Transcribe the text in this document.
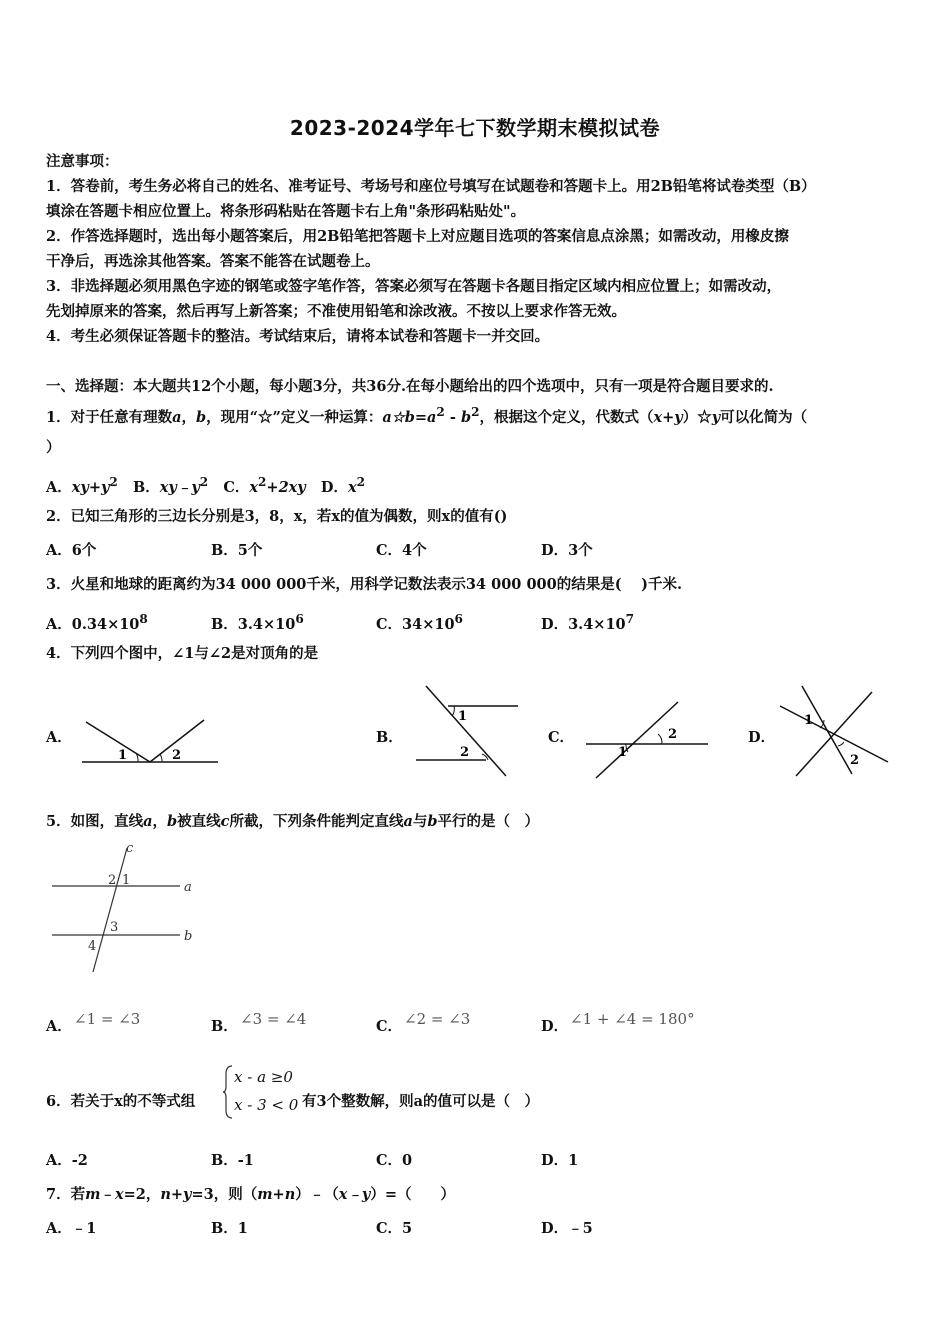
2023-2024学年七下数学期末模拟试卷
注意事项：
1．答卷前，考生务必将自己的姓名、准考证号、考场号和座位号填写在试题卷和答题卡上。用2B铅笔将试卷类型（B）
填涂在答题卡相应位置上。将条形码粘贴在答题卡右上角"条形码粘贴处"。
2．作答选择题时，选出每小题答案后，用2B铅笔把答题卡上对应题目选项的答案信息点涂黑；如需改动，用橡皮擦
干净后，再选涂其他答案。答案不能答在试题卷上。
3．非选择题必须用黑色字迹的钢笔或签字笔作答，答案必须写在答题卡各题目指定区域内相应位置上；如需改动，
先划掉原来的答案，然后再写上新答案；不准使用铅笔和涂改液。不按以上要求作答无效。
4．考生必须保证答题卡的整洁。考试结束后，请将本试卷和答题卡一并交回。
一、选择题：本大题共12个小题，每小题3分，共36分.在每小题给出的四个选项中，只有一项是符合题目要求的.
1．对于任意有理数a，b，现用“☆”定义一种运算：$a☆b=a^2 - b^2$，根据这个定义，代数式（x+y）☆y可以化简为（
）
A．$xy+y^2$ B．$xy﹣y^2$ C．$x^2+2xy$ D．$x^2$
2．已知三角形的三边长分别是3，8，x，若x的值为偶数，则x的值有()
A．6个	B．5个	C．4个	D．3个
3．火星和地球的距离约为34 000 000千米，用科学记数法表示34 000 000的结果是(　 )千米.
A．$0.34\times 10^8$	B．$3.4\times 10^6$	C．$34\times 10^6$	D．$3.4\times 10^7$
4．下列四个图中，∠1与∠2是对顶角的是
A．	B．	C．	D．
1	2
1
2	1
2
1
2
5．如图，直线a，b被直线c所截，下列条件能判定直线a与b平行的是（　）
c
a
b
2 1
3
4
A． ∠1 = ∠3	B． ∠3 = ∠4	C． ∠2 = ∠3	D． ∠1 + ∠4 = 180°
6．若关于x的不等式组
x - a ≥0
x - 3 < 0 有3个整数解，则a的值可以是（　）
A．-2	B．-1	C．0	D．1
7．若m﹣x=2，n+y=3，则（m+n）﹣（x﹣y）=（　　）
A．﹣1	B．1	C．5	D．﹣5
